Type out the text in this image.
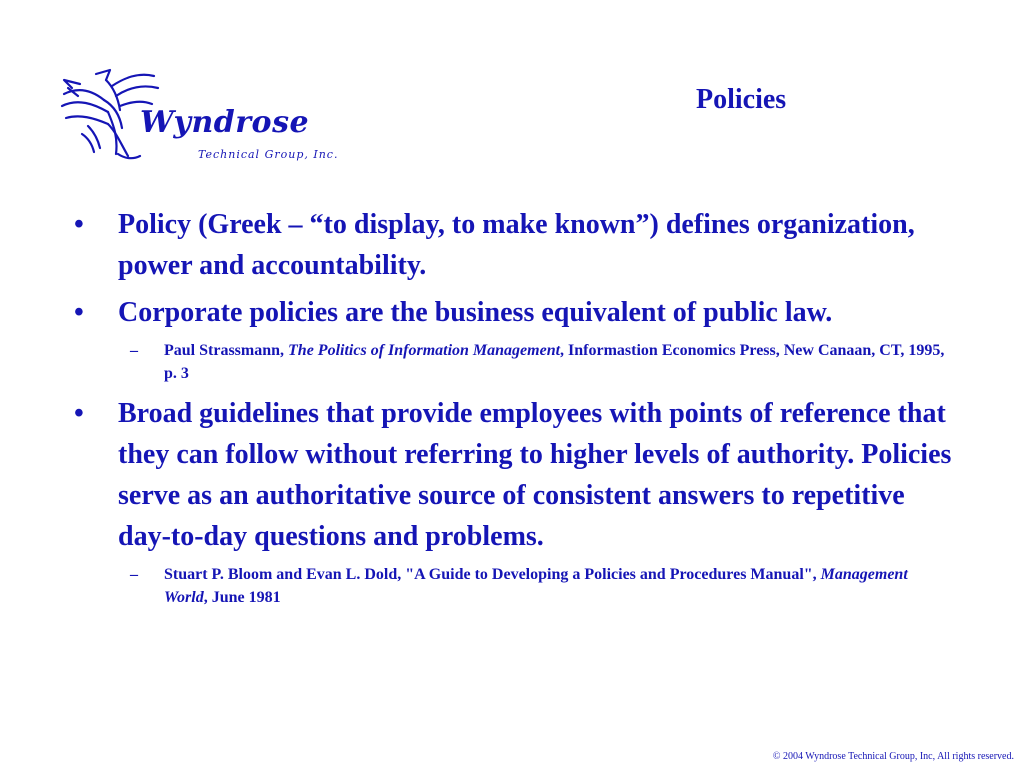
Wyndrose
Technical Group, Inc.
Policies
• Policy (Greek – “to display, to make known”) defines organization, power and accountability.
• Corporate policies are the business equivalent of public law.
– Paul Strassmann, The Politics of Information Management, Informastion Economics Press, New Canaan, CT, 1995, p. 3
• Broad guidelines that provide employees with points of reference that they can follow without referring to higher levels of authority. Policies serve as an authoritative source of consistent answers to repetitive day-to-day questions and problems.
– Stuart P. Bloom and Evan L. Dold, "A Guide to Developing a Policies and Procedures Manual", Management World, June 1981
© 2004 Wyndrose Technical Group, Inc, All rights reserved.
